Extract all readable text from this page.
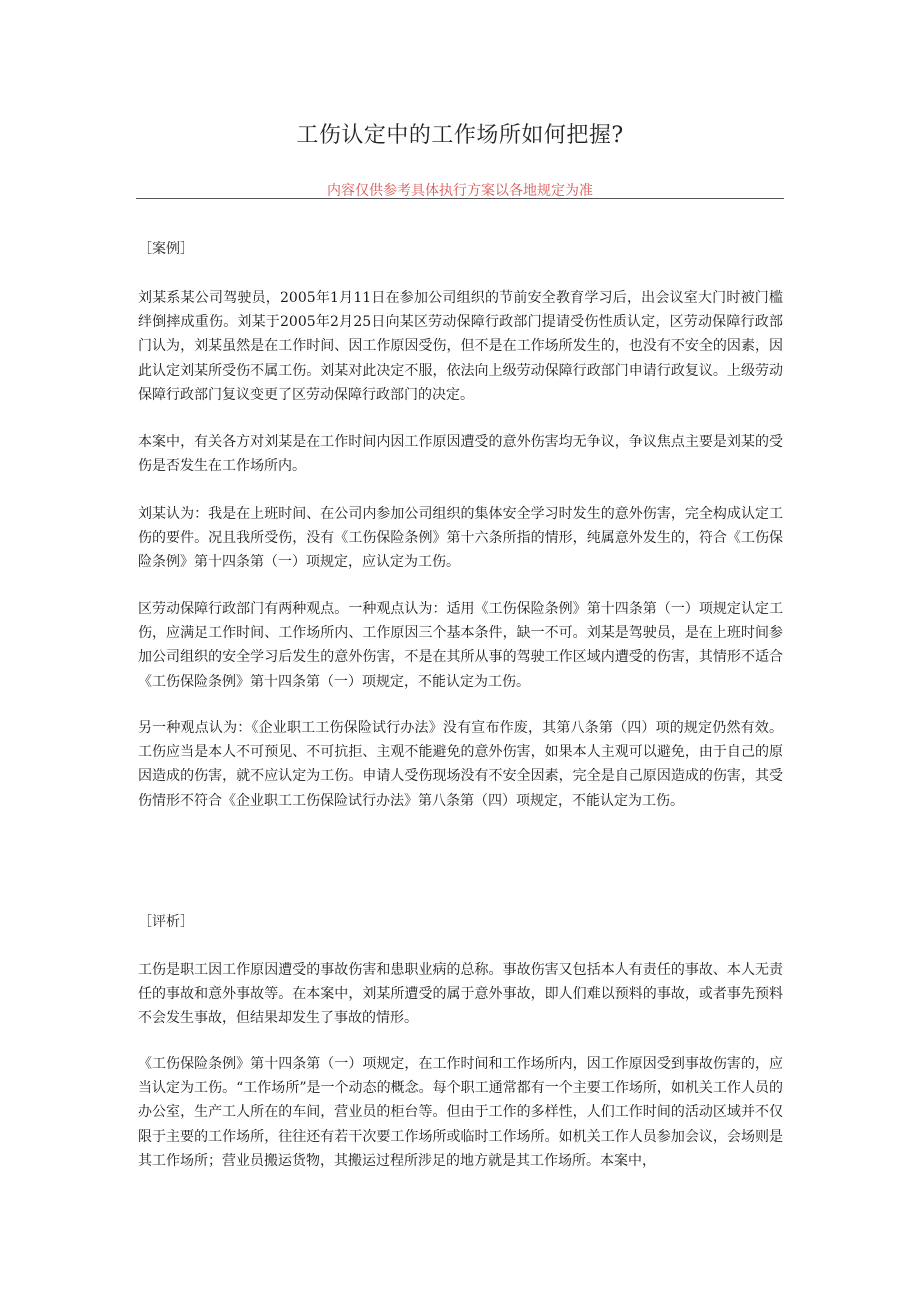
工伤认定中的工作场所如何把握?
内容仅供参考具体执行方案以各地规定为准
［案例］
刘某系某公司驾驶员，2005年1月11日在参加公司组织的节前安全教育学习后，出会议室大门时被门槛绊倒摔成重伤。刘某于2005年2月25日向某区劳动保障行政部门提请受伤性质认定，区劳动保障行政部门认为，刘某虽然是在工作时间、因工作原因受伤，但不是在工作场所发生的，也没有不安全的因素，因此认定刘某所受伤不属工伤。刘某对此决定不服，依法向上级劳动保障行政部门申请行政复议。上级劳动保障行政部门复议变更了区劳动保障行政部门的决定。
本案中，有关各方对刘某是在工作时间内因工作原因遭受的意外伤害均无争议，争议焦点主要是刘某的受伤是否发生在工作场所内。
刘某认为：我是在上班时间、在公司内参加公司组织的集体安全学习时发生的意外伤害，完全构成认定工伤的要件。况且我所受伤，没有《工伤保险条例》第十六条所指的情形，纯属意外发生的，符合《工伤保险条例》第十四条第（一）项规定，应认定为工伤。
区劳动保障行政部门有两种观点。一种观点认为：适用《工伤保险条例》第十四条第（一）项规定认定工伤，应满足工作时间、工作场所内、工作原因三个基本条件，缺一不可。刘某是驾驶员，是在上班时间参加公司组织的安全学习后发生的意外伤害，不是在其所从事的驾驶工作区域内遭受的伤害，其情形不适合《工伤保险条例》第十四条第（一）项规定，不能认定为工伤。
另一种观点认为：《企业职工工伤保险试行办法》没有宣布作废，其第八条第（四）项的规定仍然有效。工伤应当是本人不可预见、不可抗拒、主观不能避免的意外伤害，如果本人主观可以避免，由于自己的原因造成的伤害，就不应认定为工伤。申请人受伤现场没有不安全因素，完全是自己原因造成的伤害，其受伤情形不符合《企业职工工伤保险试行办法》第八条第（四）项规定，不能认定为工伤。
［评析］
工伤是职工因工作原因遭受的事故伤害和患职业病的总称。事故伤害又包括本人有责任的事故、本人无责任的事故和意外事故等。在本案中，刘某所遭受的属于意外事故，即人们难以预料的事故，或者事先预料不会发生事故，但结果却发生了事故的情形。
《工伤保险条例》第十四条第（一）项规定，在工作时间和工作场所内，因工作原因受到事故伤害的，应当认定为工伤。“工作场所”是一个动态的概念。每个职工通常都有一个主要工作场所，如机关工作人员的办公室，生产工人所在的车间，营业员的柜台等。但由于工作的多样性，人们工作时间的活动区域并不仅限于主要的工作场所，往往还有若干次要工作场所或临时工作场所。如机关工作人员参加会议，会场则是其工作场所；营业员搬运货物，其搬运过程所涉足的地方就是其工作场所。本案中，
